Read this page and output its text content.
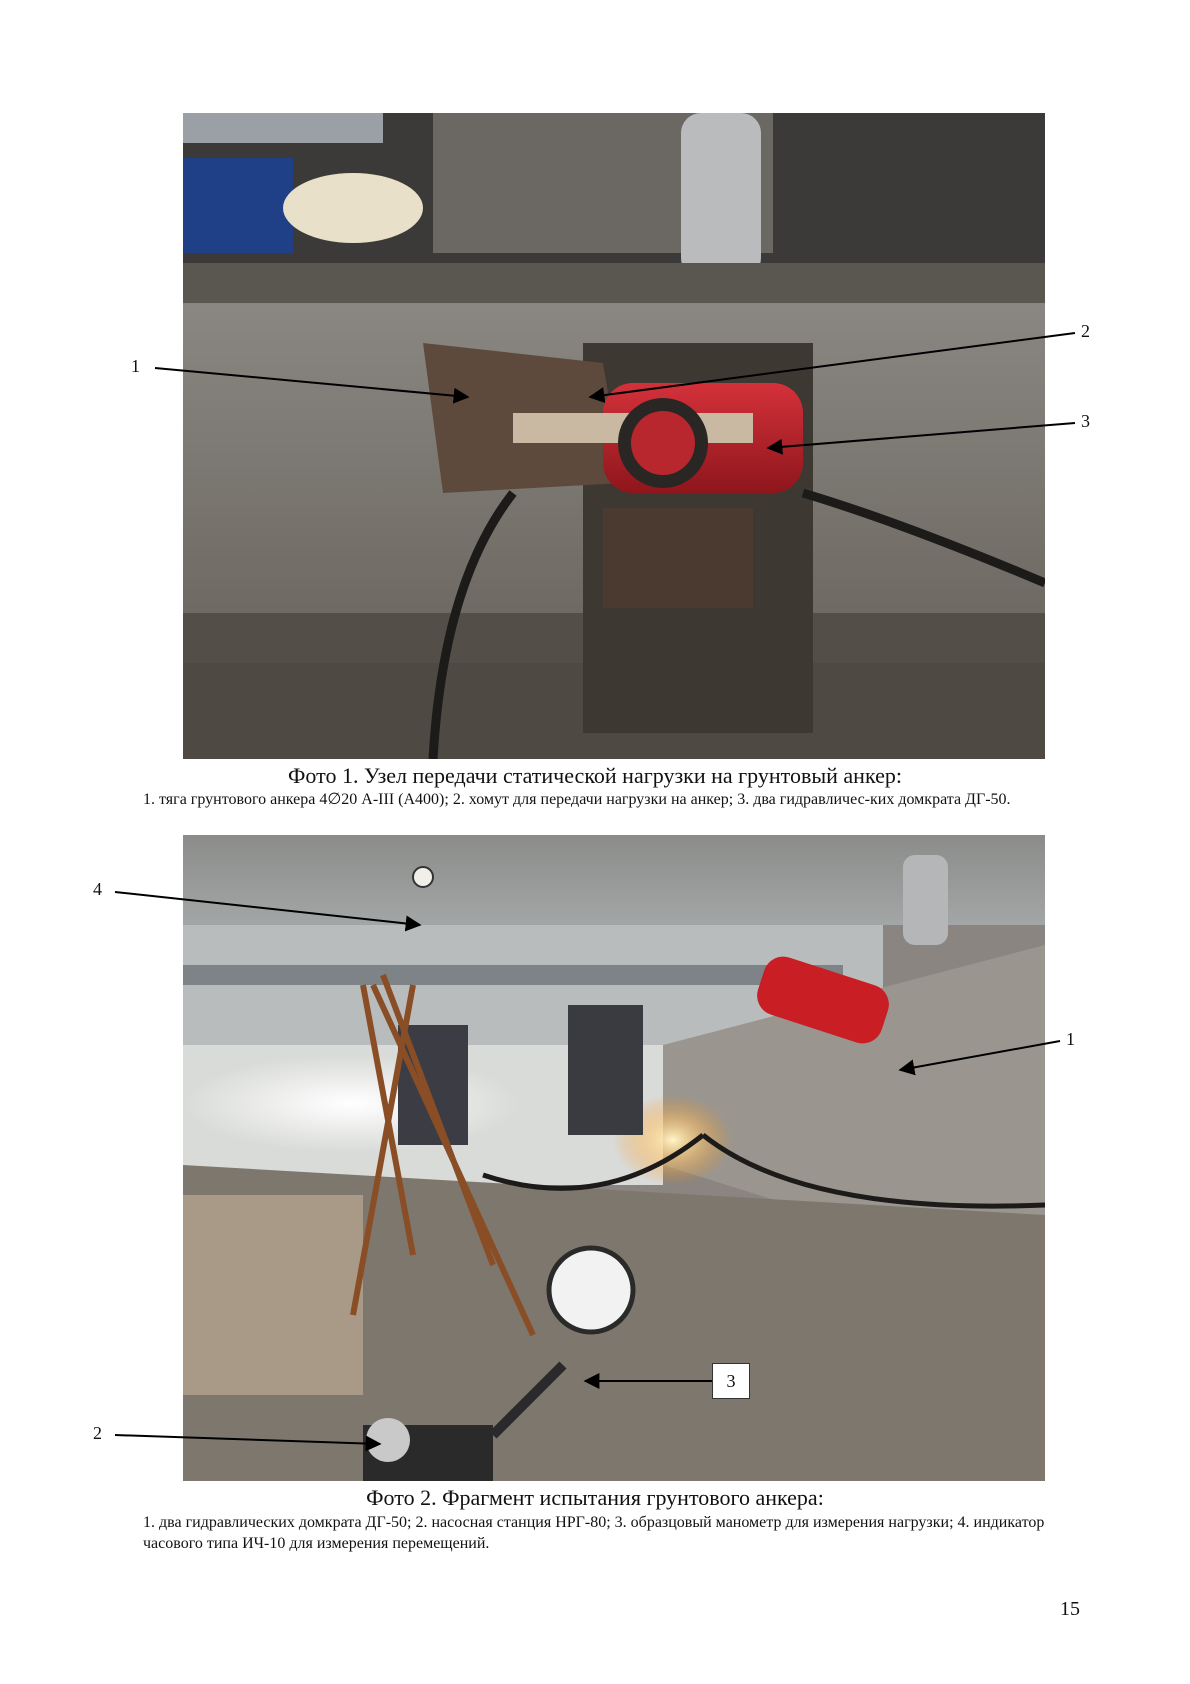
1
2
3
4
1
3
2
Фото 1. Узел передачи статической нагрузки на грунтовый анкер:
1. тяга грунтового анкера 4∅20 А-III (А400); 2. хомут для передачи нагрузки на анкер; 3. два гидравличес-ких домкрата ДГ-50.
Фото 2. Фрагмент испытания грунтового анкера:
1. два гидравлических домкрата ДГ-50; 2. насосная станция НРГ-80; 3. образцовый манометр для измерения нагрузки; 4. индикатор часового типа ИЧ-10 для измерения перемещений.
15
